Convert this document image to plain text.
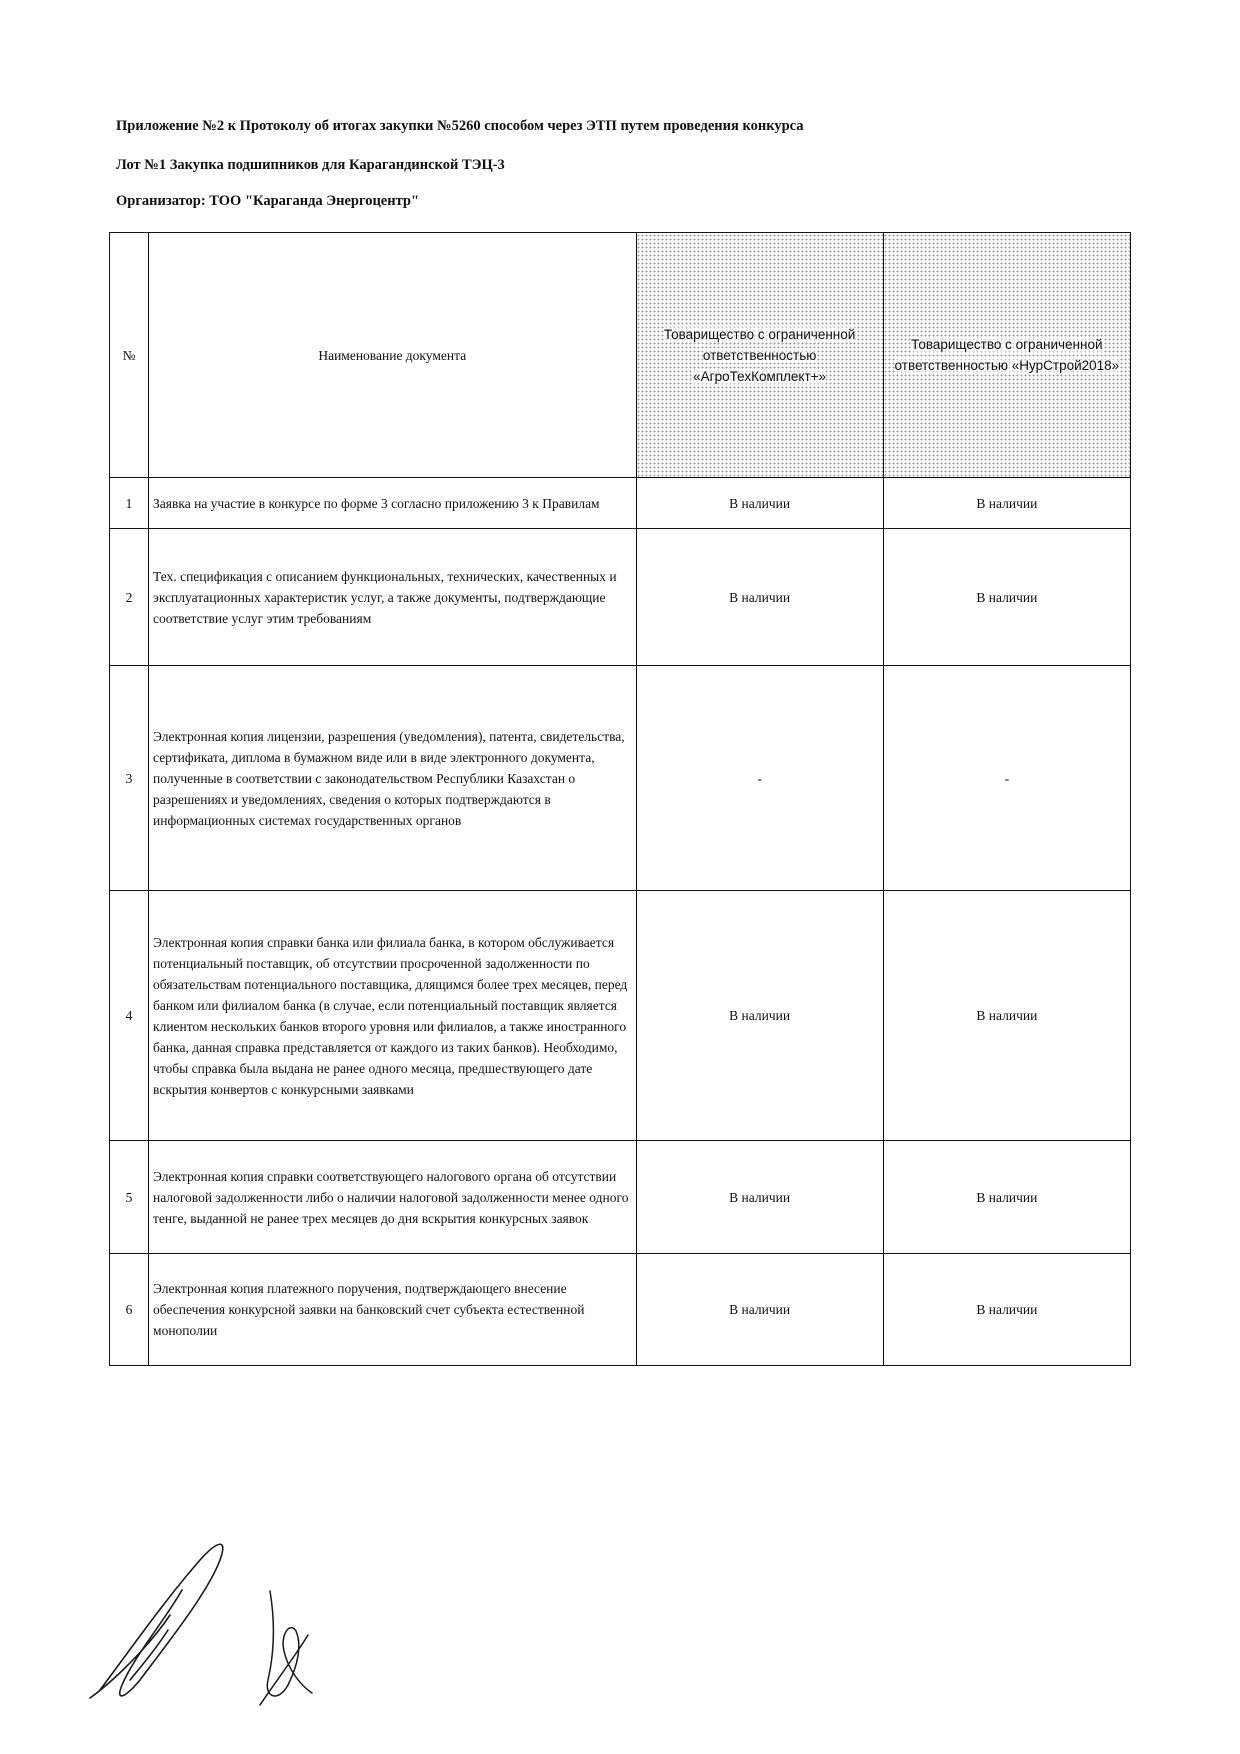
Приложение №2 к Протоколу об итогах закупки №5260 способом через ЭТП путем проведения конкурса
Лот №1 Закупка подшипников для Карагандинской ТЭЦ-3
Организатор: ТОО "Караганда Энергоцентр"
№	Наименование документа	Товарищество с ограниченной ответственностью «АгроТехКомплект+»	Товарищество с ограниченной ответственностью «НурСтрой2018»
1	Заявка на участие в конкурсе по форме 3 согласно приложению 3 к Правилам	В наличии	В наличии
2	Тех. спецификация с описанием функциональных, технических, качественных и эксплуатационных характеристик услуг, а также документы, подтверждающие соответствие услуг этим требованиям	В наличии	В наличии
3	Электронная копия лицензии, разрешения (уведомления), патента, свидетельства, сертификата, диплома в бумажном виде или в виде электронного документа, полученные в соответствии с законодательством Республики Казахстан о разрешениях и уведомлениях, сведения о которых подтверждаются в информационных системах государственных органов	-	-
4	Электронная копия справки банка или филиала банка, в котором обслуживается потенциальный поставщик, об отсутствии просроченной задолженности по обязательствам потенциального поставщика, длящимся более трех месяцев, перед банком или филиалом банка (в случае, если потенциальный поставщик является клиентом нескольких банков второго уровня или филиалов, а также иностранного банка, данная справка представляется от каждого из таких банков). Необходимо, чтобы справка была выдана не ранее одного месяца, предшествующего дате вскрытия конвертов с конкурсными заявками	В наличии	В наличии
5	Электронная копия справки соответствующего налогового органа об отсутствии налоговой задолженности либо о наличии налоговой задолженности менее одного тенге, выданной не ранее трех месяцев до дня вскрытия конкурсных заявок	В наличии	В наличии
6	Электронная копия платежного поручения, подтверждающего внесение обеспечения конкурсной заявки на банковский счет субъекта естественной монополии	В наличии	В наличии
